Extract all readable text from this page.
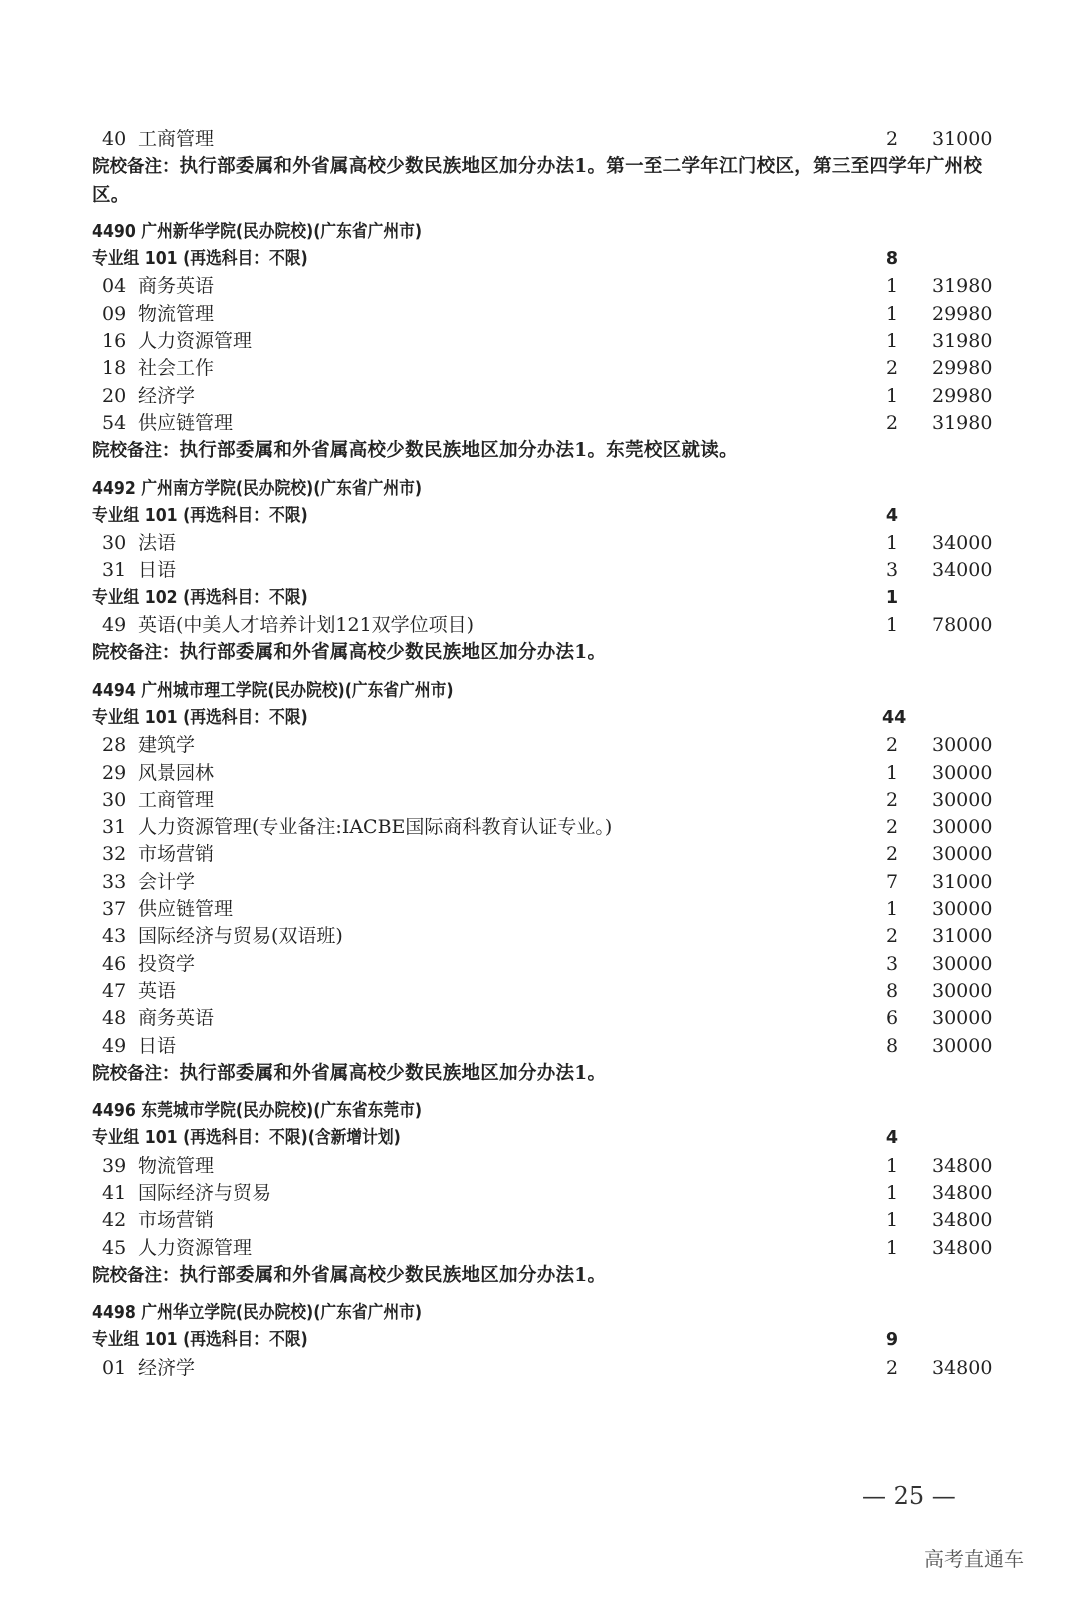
40 工商管理	2 31000
院校备注：执行部委属和外省属高校少数民族地区加分办法1。第一至二学年江门校区，第三至四学年广州校区。
4490 广州新华学院(民办院校)(广东省广州市)
专业组 101 (再选科目：不限)	8
04 商务英语	1 31980
09 物流管理	1 29980
16 人力资源管理	1 31980
18 社会工作	2 29980
20 经济学	1 29980
54 供应链管理	2 31980
院校备注：执行部委属和外省属高校少数民族地区加分办法1。东莞校区就读。
4492 广州南方学院(民办院校)(广东省广州市)
专业组 101 (再选科目：不限)	4
30 法语	1 34000
31 日语	3 34000
专业组 102 (再选科目：不限)	1
49 英语(中美人才培养计划121双学位项目)	1 78000
院校备注：执行部委属和外省属高校少数民族地区加分办法1。
4494 广州城市理工学院(民办院校)(广东省广州市)
专业组 101 (再选科目：不限)	44
28 建筑学	2 30000
29 风景园林	1 30000
30 工商管理	2 30000
31 人力资源管理(专业备注:IACBE国际商科教育认证专业。)	2 30000
32 市场营销	2 30000
33 会计学	7 31000
37 供应链管理	1 30000
43 国际经济与贸易(双语班)	2 31000
46 投资学	3 30000
47 英语	8 30000
48 商务英语	6 30000
49 日语	8 30000
院校备注：执行部委属和外省属高校少数民族地区加分办法1。
4496 东莞城市学院(民办院校)(广东省东莞市)
专业组 101 (再选科目：不限)(含新增计划)	4
39 物流管理	1 34800
41 国际经济与贸易	1 34800
42 市场营销	1 34800
45 人力资源管理	1 34800
院校备注：执行部委属和外省属高校少数民族地区加分办法1。
4498 广州华立学院(民办院校)(广东省广州市)
专业组 101 (再选科目：不限)	9
01 经济学	2 34800
— 25 —
高考直通车
